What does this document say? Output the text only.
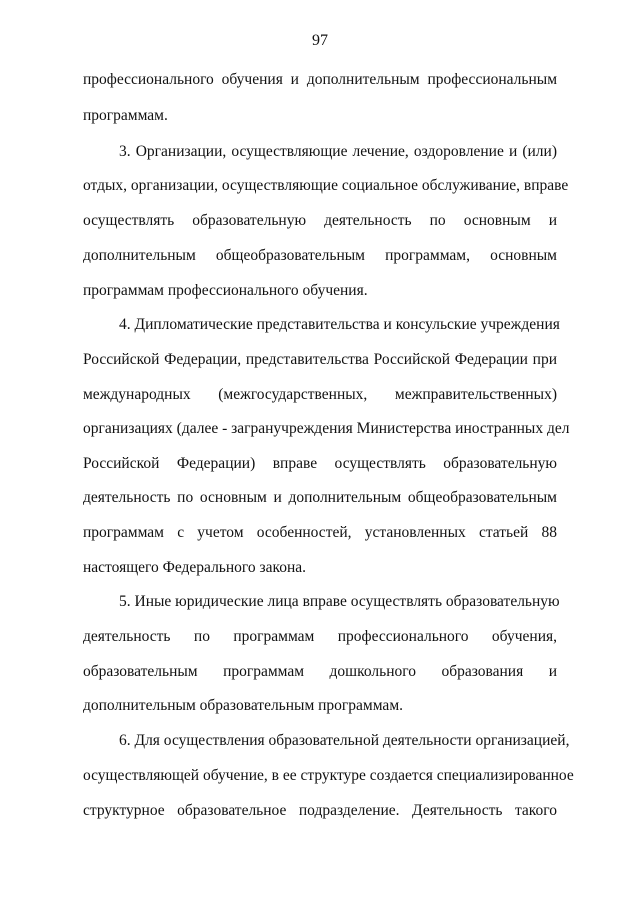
97
профессионального обучения и дополнительным профессиональным
программам.
3. Организации, осуществляющие лечение, оздоровление и (или)
отдых, организации, осуществляющие социальное обслуживание, вправе
осуществлять образовательную деятельность по основным и
дополнительным общеобразовательным программам, основным
программам профессионального обучения.
4. Дипломатические представительства и консульские учреждения
Российской Федерации, представительства Российской Федерации при
международных (межгосударственных, межправительственных)
организациях (далее - загранучреждения Министерства иностранных дел
Российской Федерации) вправе осуществлять образовательную
деятельность по основным и дополнительным общеобразовательным
программам с учетом особенностей, установленных статьей 88
настоящего Федерального закона.
5. Иные юридические лица вправе осуществлять образовательную
деятельность по программам профессионального обучения,
образовательным программам дошкольного образования и
дополнительным образовательным программам.
6. Для осуществления образовательной деятельности организацией,
осуществляющей обучение, в ее структуре создается специализированное
структурное образовательное подразделение. Деятельность такого
